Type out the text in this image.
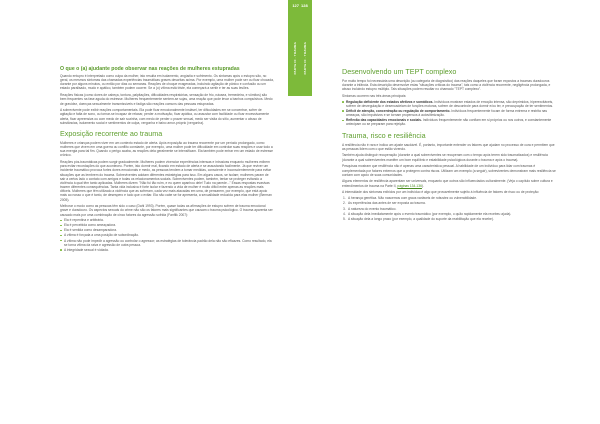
127
PARTE III · TRAUMA
O que o (a) ajudante pode observar nas reações de mulheres estupradas

Quando entupro é interpretado como culpa da mulher, isto resulta em isolamento, angústia e sofrimento. Os sintomas após o estupro são, no geral, os mesmos sintomas das chamadas experiências traumáticas graves descritas acima. Por exemplo, uma mulher pode ser ou ficar chocada, durante por alguns minutos, ou então por dias ou semanas. Reações de choque exageradas, incluindo agitação de pânico e confusão ou um estado paralisado, mudo e apático, também podem ocorrer. Se a (o) vítima está triste, ela começará a sentir e ter as suas lesões.

Reações físicas (como dores de cabeça, tontura, palpitações, dificuldades respiratórias, sensação de frio, náusea, tremedeira, e vômitos) são bem frequentes na fase aguda do estresse. Mulheres frequentemente sentem-se sujas, uma reação que pode levar a banhos compulsivos. Medo de gravidez, doenças sexualmente transmissíveis e fadiga são reações comuns das pessoas estupradas.

A sobrevivente pode exibir reações comportamentais. Ela pode ficar emocionalmente instável, ter dificuldades em se concentrar, sofrer de agitação e falta de sono, ou tornar-se incapaz de relaxar, perder a motivação, ficar apática, ou assustar com facilidade ou ficar excessivamente alerta, ficar apreensiva ou com medo de sair sozinha, com medo de perder o prazer sexual, medo ser visita do sítio, aumentar o abuso de substâncias, isolamento social e sentimentos de culpa, vergonha e baixo amor-próprio (vergonha).

Exposição recorrente ao trauma

Mulheres e crianças podem viver em um contexto estado de alerta. Após exposição ao trauma recorrente por um período prolongado, como mulheres que vivem em uma guerra ou conflito constante, por exemplo, uma mulher pode ter dificuldade em controlar suas reações e usar todo a sua energia para tal fim. Quando o perigo acaba, as reações dela geralmente se intensificam. Ela também pode entrar em um estado de estresse crônico.

Reações pós-traumáticas podem surgir gradualmente. Mulheres podem vivenciar experiências intensas e intrusivas enquanto mulheres exibem para evitar recordações do que aconteceu. Porém, isto dormir mal, ficando em estado de alerta e se assustando facilmente. Já que reviver um incidente traumático provoca fortes dores emocionais e medo, as pessoas tendem a tomar medidas, consciente e inconscientemente para evitar situações que as lembrem do trauma. Sobreviventes adotam diferentes estratégias para isso. Em alguns casos, se isolam; mulheres param de sair a certos lado o contato com amigos e todas os relacionamentos sociais. Sobreviventes podem, também, tentar se proteger evitando a violência à qual têm tanto aplicadas. Mulheres dizem: "Não fui tão ruim, e eu quem apanhou dele! Tudo na parede..." Essas respostas evasivas trazem diferentes consequências. Tanta vida inclusiva é forte isolar e fazendo a vida de mulher é muito dificil entre apenas as reações mais difíceis. Mulheres que têm utilizado a violência que as sofreram, cada vez mais atacadas em uma, de pensarem, por exemplo, que está apoio mais ao nosso o que é tanto, de desespero e tudo que o evitar. Ela não cabe se for apresenta, a sexualidade reduzida para elas mulher (Berman 2005).

Melhorar o modo como as pessoas têm sido o caso (Dahl 1993). Porém, quase todas as afirmações de estupro sofrem de trauma emocional grave e duradouro. Os aspectos sexuais do crime não são os fatores mais significantes que causam o trauma psicológico. O trauma aparenta ser causado mais por uma combinação de cinco fatores da agressão sofrida (Fanflik 2007):

Ela é repentina e arbitrária.
Ela é percebida como ameaçadora.
Ela é sentida como desamparadora.
A vítima é forçada a uma posição de subordinação.
A vítima não pode impedir a agressão ou controlar o agressor; as estratégias de tolerância padrão dela não são eficazes. Como resultado, ela se torna vítima da raiva e agressão de outra pessoa.
A integridade sexual é violada.
128
PARTE III · TRAUMA	Desenvolvendo um TEPT complexo

Por muito tempo foi necessária uma descrição (ou categoria de diagnóstico) das reações daqueles que foram expostos a traumas duradouros durante a infância. Esta descrição desenvolve estas "situações críticas do trauma", tais como a violência recorrente, negligência prolongada, e abuso incluindo estupro múltiplo. Tais situações podem resultar no chamado "TEPT complexo".

Sintomas ocorrem nas três áreas principais:

Regulação deficiente dos estados afetivos e somáticos. Indivíduos mostram estados de emoção intensa, são deprimidos, hiperexcitáveis, sofrem de desregulação e desencadeiam de funções motoras, sofrem de descontrole para dormir e/ou ter, e preocupação de ter sentimentos.
Déficit de atenção, concentração ou regulação de comportamento. Indivíduos frequentemente focam de forma extrema e restrita nas ameaças, são impulsivos e se tornam propensos à autovitimização.
Reflexão das capacidades emocionais e sociais. Indivíduos frequentemente não confiam em si próprios ou nos outros, e constantemente antecipam ou se preparam para rejeição.
Trauma, risco e resiliência

A resiliência não é rara e indica um ajuste saudável. É, portanto, importante entender os fatores que ajudam no processo de cura e permitem que as pessoas lidem com o que estão vivendo.

Também ajuda distinguir recuperação (durante a qual sobreviventes se recuperam com o tempo após terem sido traumatizados) e resiliência (durante a qual sobreviventes mantêm um bom equilíbrio e estabilidade psicológicos durante o trauma e após o trauma).

Pesquisas mostram que resiliência não é apenas uma característica pessoal. A habilidade de um indivíduo para lidar com traumas é complementada por fatores externos que a protegem contra riscos. Utilizam um exemplo (a seguir), sobreviventes demonstram mais resiliência se contam com apoio de suas comunidades.

Alguns elementos de resiliência aparentam ser universais, enquanto que outros são influenciados culturalmente. (Veja o capítulo sobre cultura e entendimentos de trauma na Parte II, páginas 134-136).

A intensidade dos sintomas exibidos por um indivíduo é algo que provavelmente sujeito à influência de fatores de risco ou de proteção:

1. A herança genética. Não nascemos com graus variáveis de robustez ou vulnerabilidade.
2. As experiências das antes de ser exposta ao trauma.
3. A natureza do evento traumático.
4. A situação dela imediatamente após o evento traumático (por exemplo, o quão rapidamente ela recebeu ajuda).
5. A situação dela a longo prazo (por exemplo, a qualidade do suporte da reabilitação que ela recebe).
